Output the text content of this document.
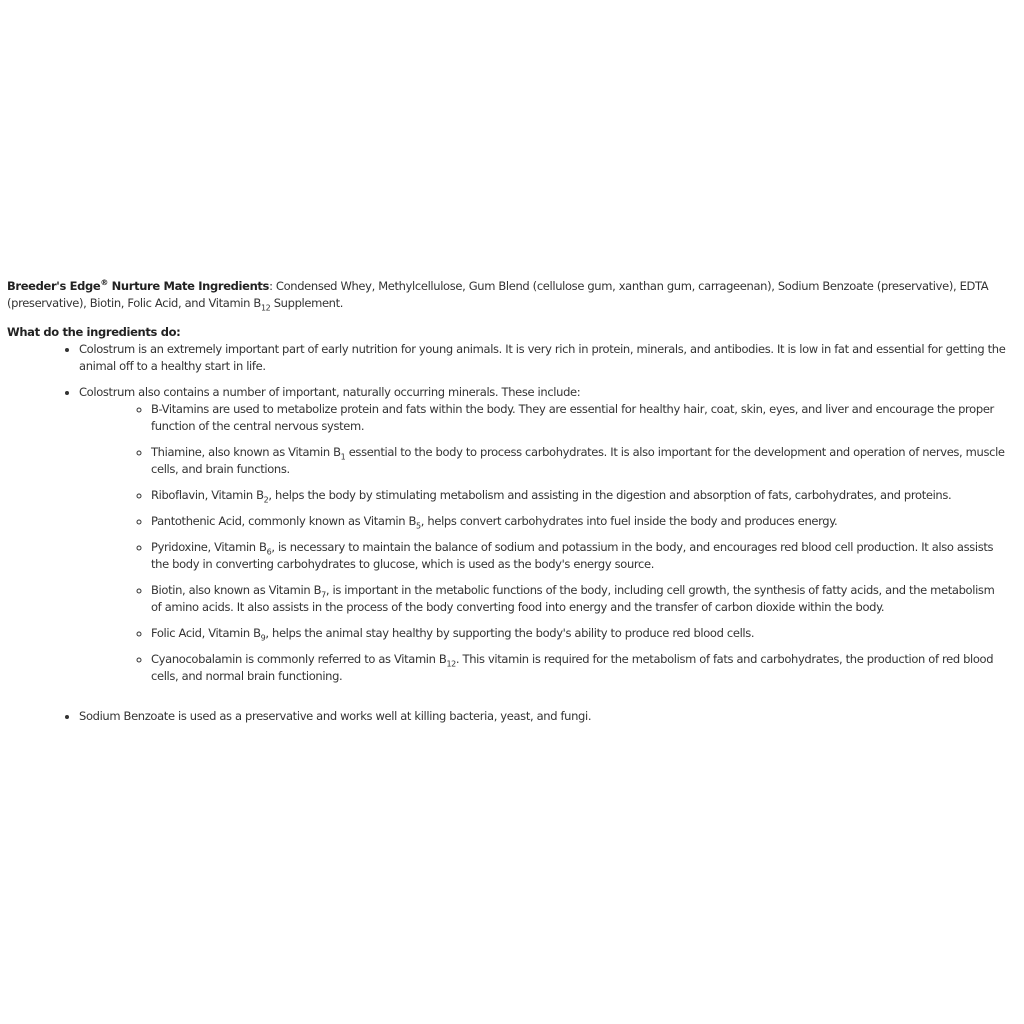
Breeder's Edge® Nurture Mate Ingredients: Condensed Whey, Methylcellulose, Gum Blend (cellulose gum, xanthan gum, carrageenan), Sodium Benzoate (preservative), EDTA (preservative), Biotin, Folic Acid, and Vitamin $B_{12}$ Supplement.

What do the ingredients do:

• Colostrum is an extremely important part of early nutrition for young animals. It is very rich in protein, minerals, and antibodies. It is low in fat and essential for getting the animal off to a healthy start in life.
• Colostrum also contains a number of important, naturally occurring minerals. These include:
◦ B-Vitamins are used to metabolize protein and fats within the body. They are essential for healthy hair, coat, skin, eyes, and liver and encourage the proper function of the central nervous system.
◦ Thiamine, also known as Vitamin $B_1$ essential to the body to process carbohydrates. It is also important for the development and operation of nerves, muscle cells, and brain functions.
◦ Riboflavin, Vitamin $B_2$, helps the body by stimulating metabolism and assisting in the digestion and absorption of fats, carbohydrates, and proteins.
◦ Pantothenic Acid, commonly known as Vitamin $B_5$, helps convert carbohydrates into fuel inside the body and produces energy.
◦ Pyridoxine, Vitamin $B_6$, is necessary to maintain the balance of sodium and potassium in the body, and encourages red blood cell production. It also assists the body in converting carbohydrates to glucose, which is used as the body's energy source.
◦ Biotin, also known as Vitamin $B_7$, is important in the metabolic functions of the body, including cell growth, the synthesis of fatty acids, and the metabolism of amino acids. It also assists in the process of the body converting food into energy and the transfer of carbon dioxide within the body.
◦ Folic Acid, Vitamin $B_9$, helps the animal stay healthy by supporting the body's ability to produce red blood cells.
◦ Cyanocobalamin is commonly referred to as Vitamin $B_{12}$. This vitamin is required for the metabolism of fats and carbohydrates, the production of red blood cells, and normal brain functioning.
• Sodium Benzoate is used as a preservative and works well at killing bacteria, yeast, and fungi.
